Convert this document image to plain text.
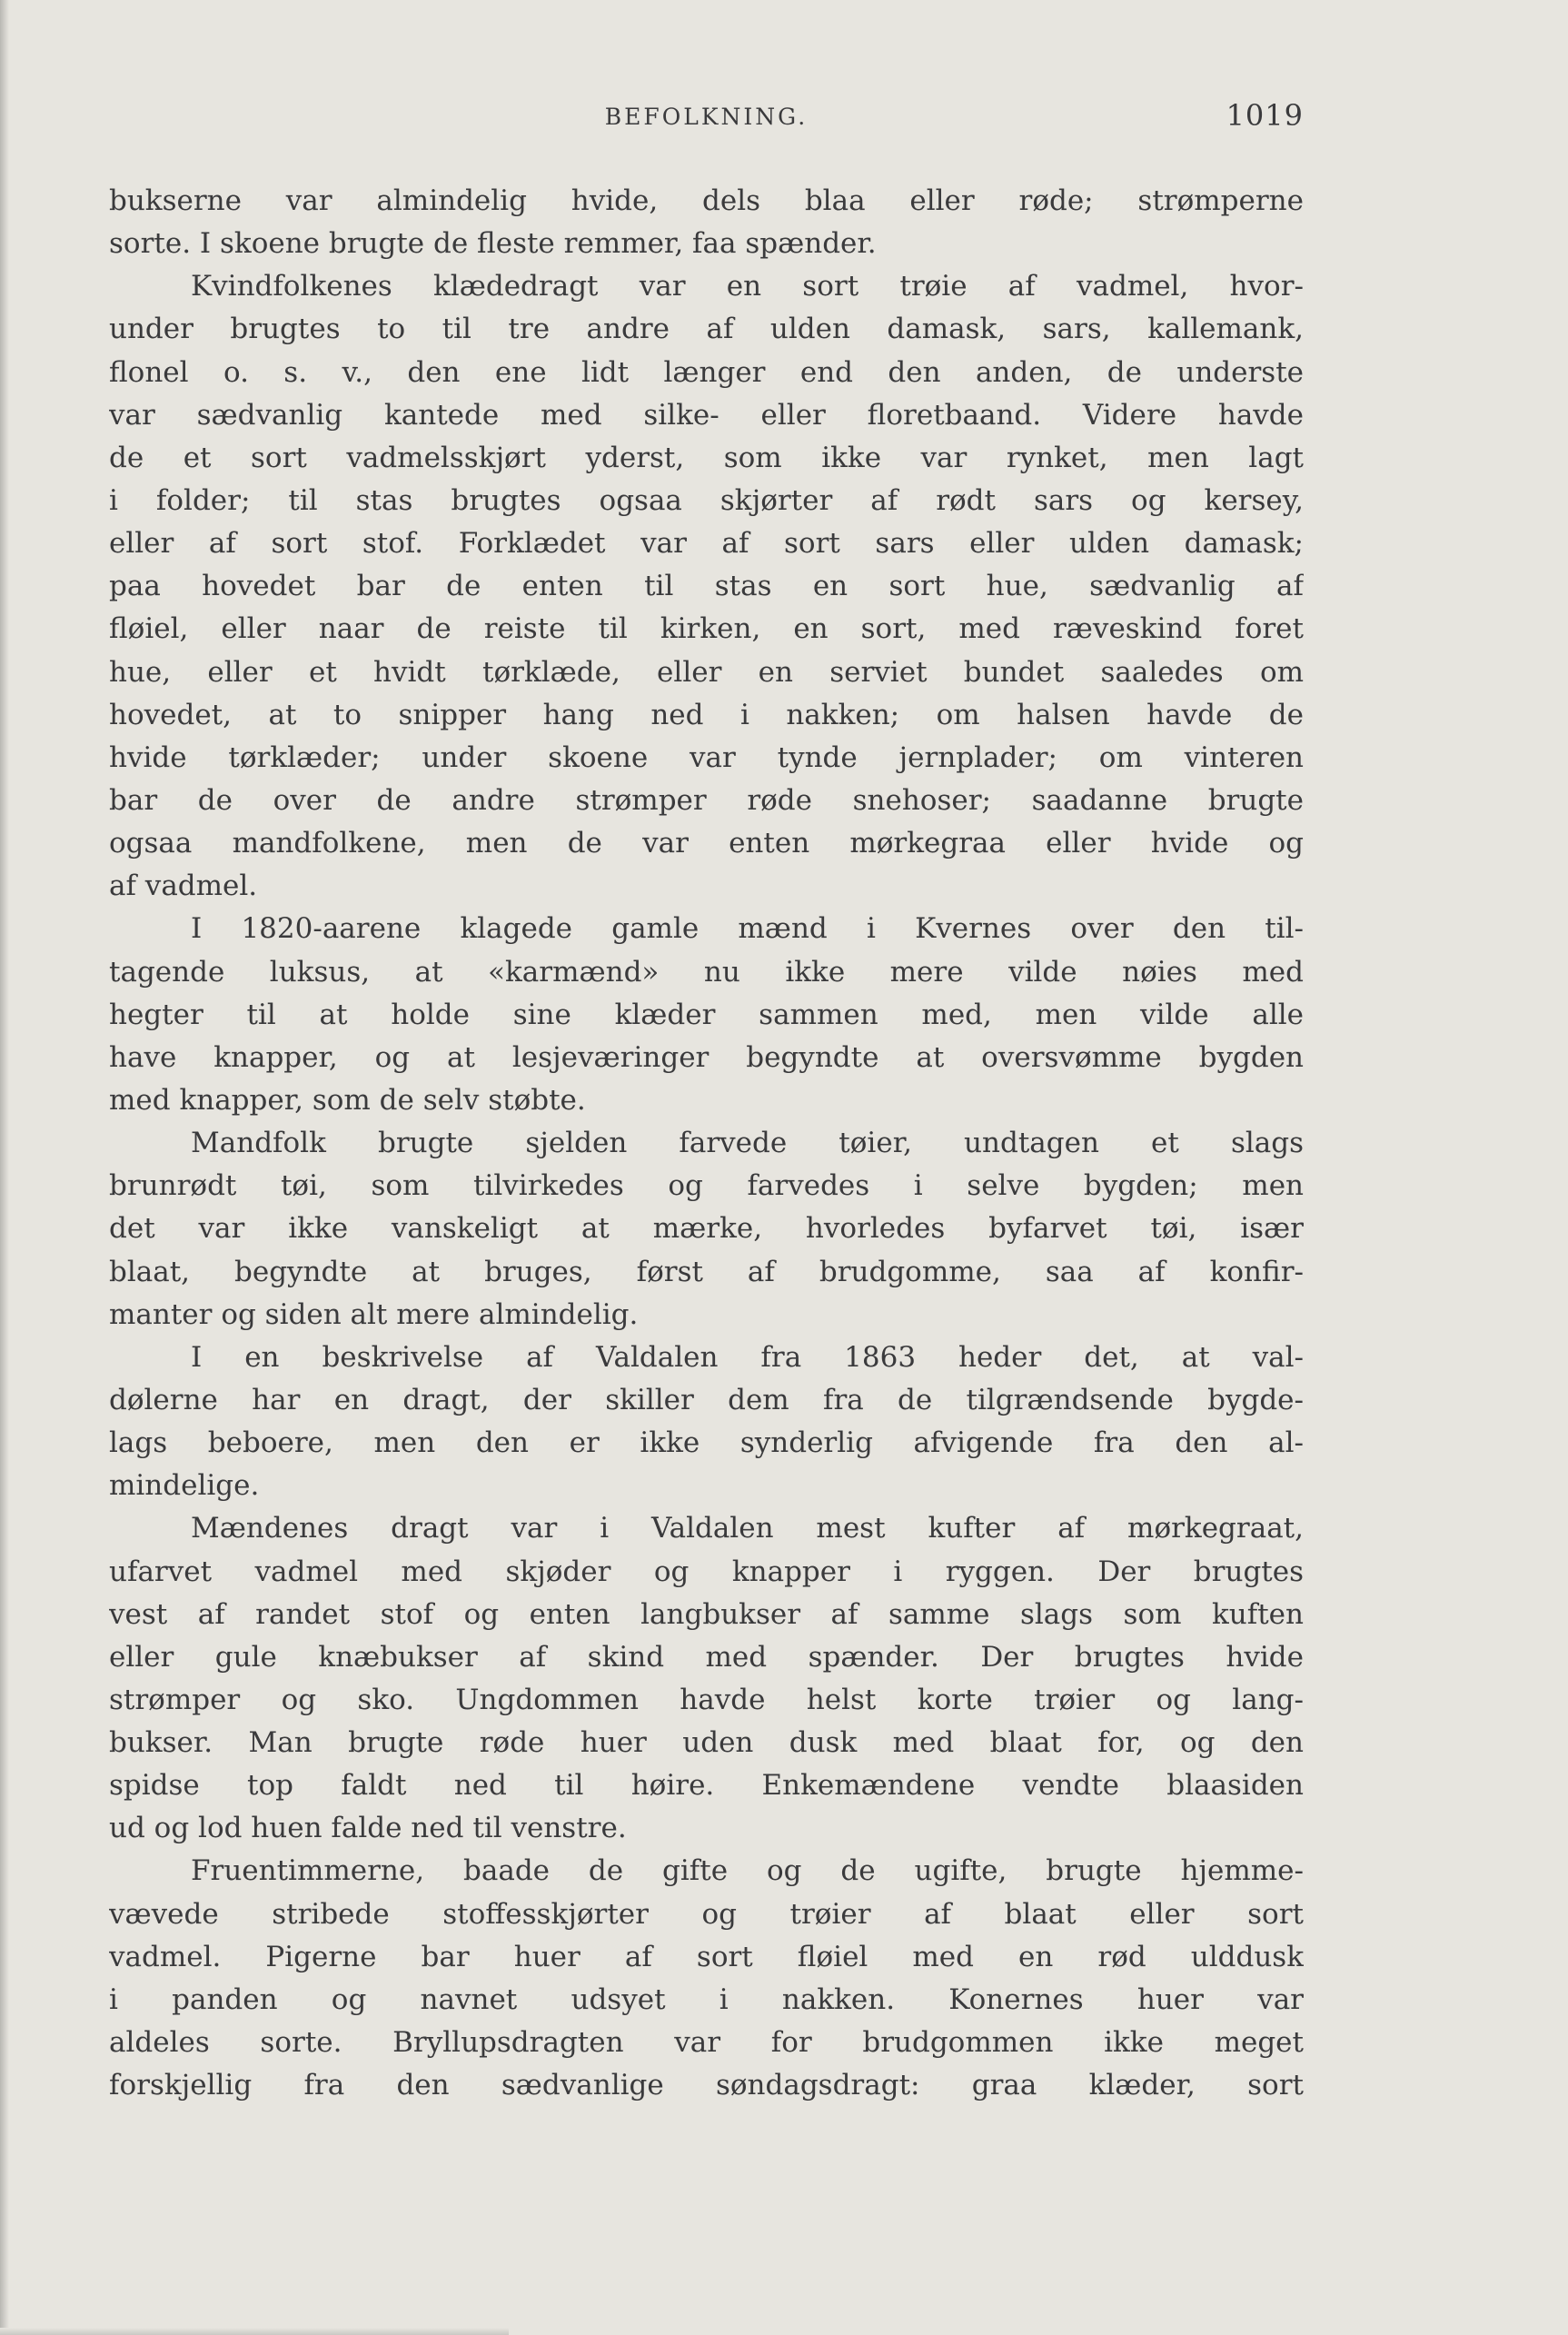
BEFOLKNING.	1019
bukserne var almindelig hvide, dels blaa eller røde; strømperne
sorte. I skoene brugte de fleste remmer, faa spænder.
Kvindfolkenes klædedragt var en sort trøie af vadmel, hvor-
under brugtes to til tre andre af ulden damask, sars, kallemank,
flonel o. s. v., den ene lidt længer end den anden, de underste
var sædvanlig kantede med silke- eller floretbaand. Videre havde
de et sort vadmelsskjørt yderst, som ikke var rynket, men lagt
i folder; til stas brugtes ogsaa skjørter af rødt sars og kersey,
eller af sort stof. Forklædet var af sort sars eller ulden damask;
paa hovedet bar de enten til stas en sort hue, sædvanlig af
fløiel, eller naar de reiste til kirken, en sort, med ræveskind foret
hue, eller et hvidt tørklæde, eller en serviet bundet saaledes om
hovedet, at to snipper hang ned i nakken; om halsen havde de
hvide tørklæder; under skoene var tynde jernplader; om vinteren
bar de over de andre strømper røde snehoser; saadanne brugte
ogsaa mandfolkene, men de var enten mørkegraa eller hvide og
af vadmel.
I 1820-aarene klagede gamle mænd i Kvernes over den til-
tagende luksus, at «karmænd» nu ikke mere vilde nøies med
hegter til at holde sine klæder sammen med, men vilde alle
have knapper, og at lesjeværinger begyndte at oversvømme bygden
med knapper, som de selv støbte.
Mandfolk brugte sjelden farvede tøier, undtagen et slags
brunrødt tøi, som tilvirkedes og farvedes i selve bygden; men
det var ikke vanskeligt at mærke, hvorledes byfarvet tøi, især
blaat, begyndte at bruges, først af brudgomme, saa af konfir-
manter og siden alt mere almindelig.
I en beskrivelse af Valdalen fra 1863 heder det, at val-
dølerne har en dragt, der skiller dem fra de tilgrændsende bygde-
lags beboere, men den er ikke synderlig afvigende fra den al-
mindelige.
Mændenes dragt var i Valdalen mest kufter af mørkegraat,
ufarvet vadmel med skjøder og knapper i ryggen. Der brugtes
vest af randet stof og enten langbukser af samme slags som kuften
eller gule knæbukser af skind med spænder. Der brugtes hvide
strømper og sko. Ungdommen havde helst korte trøier og lang-
bukser. Man brugte røde huer uden dusk med blaat for, og den
spidse top faldt ned til høire. Enkemændene vendte blaasiden
ud og lod huen falde ned til venstre.
Fruentimmerne, baade de gifte og de ugifte, brugte hjemme-
vævede stribede stoffesskjørter og trøier af blaat eller sort
vadmel. Pigerne bar huer af sort fløiel med en rød ulddusk
i panden og navnet udsyet i nakken. Konernes huer var
aldeles sorte. Bryllupsdragten var for brudgommen ikke meget
forskjellig fra den sædvanlige søndagsdragt: graa klæder, sort
